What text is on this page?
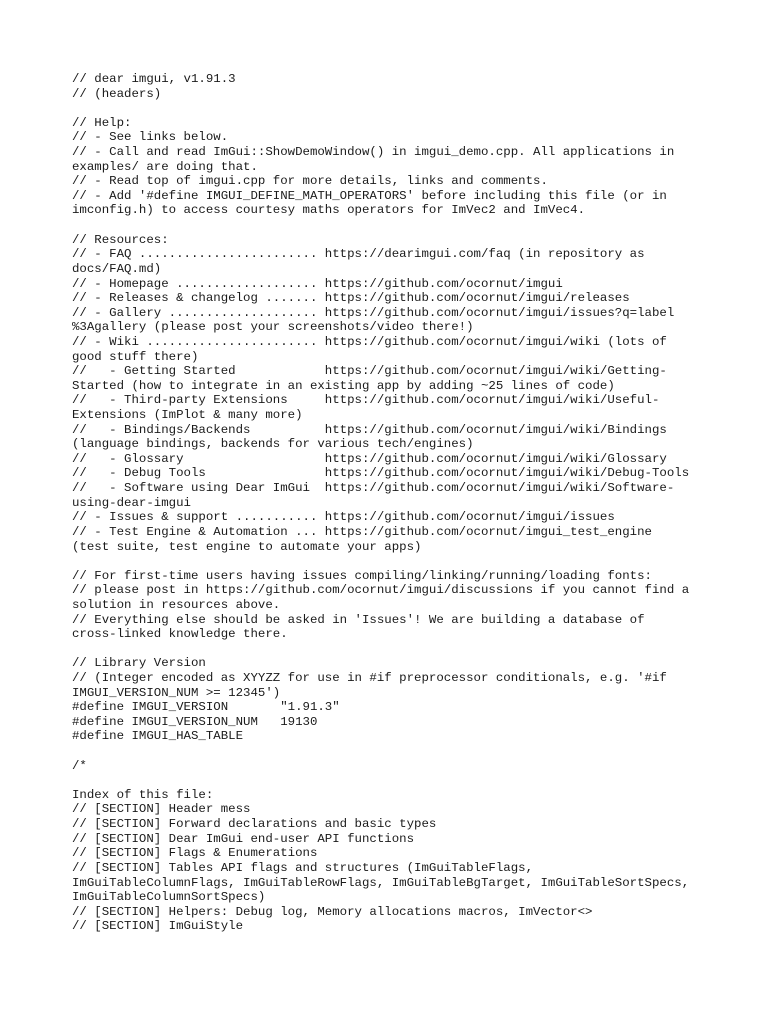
// dear imgui, v1.91.3
// (headers)
// Help:
// - See links below.
// - Call and read ImGui::ShowDemoWindow() in imgui_demo.cpp. All applications in
examples/ are doing that.
// - Read top of imgui.cpp for more details, links and comments.
// - Add '#define IMGUI_DEFINE_MATH_OPERATORS' before including this file (or in
imconfig.h) to access courtesy maths operators for ImVec2 and ImVec4.
// Resources:
// - FAQ ........................ https://dearimgui.com/faq (in repository as
docs/FAQ.md)
// - Homepage ................... https://github.com/ocornut/imgui
// - Releases & changelog ....... https://github.com/ocornut/imgui/releases
// - Gallery .................... https://github.com/ocornut/imgui/issues?q=label
%3Agallery (please post your screenshots/video there!)
// - Wiki ....................... https://github.com/ocornut/imgui/wiki (lots of
good stuff there)
//   - Getting Started            https://github.com/ocornut/imgui/wiki/Getting-
Started (how to integrate in an existing app by adding ~25 lines of code)
//   - Third-party Extensions     https://github.com/ocornut/imgui/wiki/Useful-
Extensions (ImPlot & many more)
//   - Bindings/Backends          https://github.com/ocornut/imgui/wiki/Bindings
(language bindings, backends for various tech/engines)
//   - Glossary                   https://github.com/ocornut/imgui/wiki/Glossary
//   - Debug Tools                https://github.com/ocornut/imgui/wiki/Debug-Tools
//   - Software using Dear ImGui  https://github.com/ocornut/imgui/wiki/Software-
using-dear-imgui
// - Issues & support ........... https://github.com/ocornut/imgui/issues
// - Test Engine & Automation ... https://github.com/ocornut/imgui_test_engine
(test suite, test engine to automate your apps)
// For first-time users having issues compiling/linking/running/loading fonts:
// please post in https://github.com/ocornut/imgui/discussions if you cannot find a
solution in resources above.
// Everything else should be asked in 'Issues'! We are building a database of
cross-linked knowledge there.
// Library Version
// (Integer encoded as XYYZZ for use in #if preprocessor conditionals, e.g. '#if
IMGUI_VERSION_NUM >= 12345')
#define IMGUI_VERSION       "1.91.3"
#define IMGUI_VERSION_NUM   19130
#define IMGUI_HAS_TABLE
/*
Index of this file:
// [SECTION] Header mess
// [SECTION] Forward declarations and basic types
// [SECTION] Dear ImGui end-user API functions
// [SECTION] Flags & Enumerations
// [SECTION] Tables API flags and structures (ImGuiTableFlags,
ImGuiTableColumnFlags, ImGuiTableRowFlags, ImGuiTableBgTarget, ImGuiTableSortSpecs,
ImGuiTableColumnSortSpecs)
// [SECTION] Helpers: Debug log, Memory allocations macros, ImVector<>
// [SECTION] ImGuiStyle
